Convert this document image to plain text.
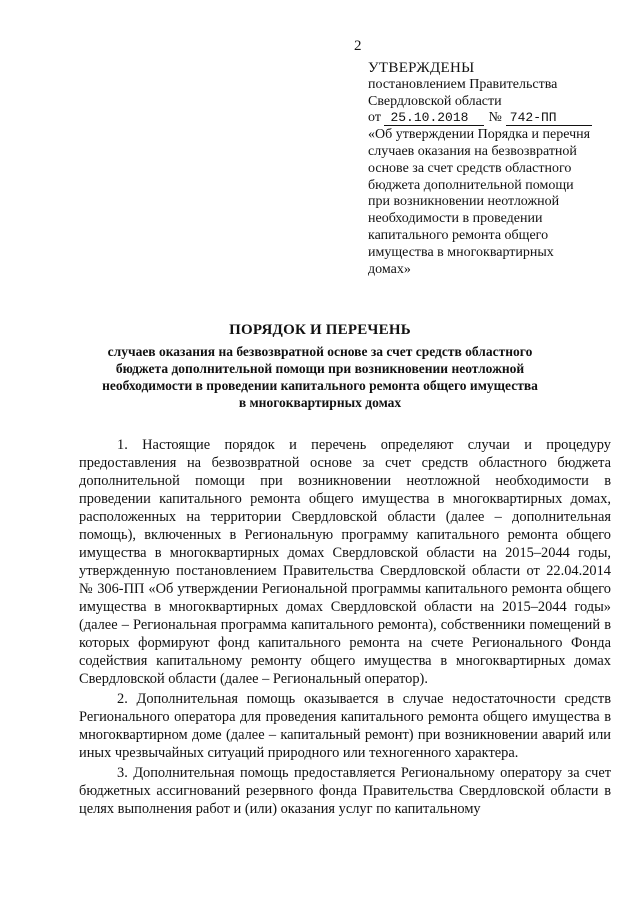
2
УТВЕРЖДЕНЫ
постановлением Правительства
Свердловской области
от 25.10.2018 № 742-ПП
«Об утверждении Порядка и перечня
случаев оказания на безвозвратной
основе за счет средств областного
бюджета дополнительной помощи
при возникновении неотложной
необходимости в проведении
капитального ремонта общего
имущества в многоквартирных
домах»
ПОРЯДОК И ПЕРЕЧЕНЬ
случаев оказания на безвозвратной основе за счет средств областного
бюджета дополнительной помощи при возникновении неотложной
необходимости в проведении капитального ремонта общего имущества
в многоквартирных домах

1. Настоящие порядок и перечень определяют случаи и процедуру предоставления на безвозвратной основе за счет средств областного бюджета дополнительной помощи при возникновении неотложной необходимости в проведении капитального ремонта общего имущества в многоквартирных домах, расположенных на территории Свердловской области (далее – дополнительная помощь), включенных в Региональную программу капитального ремонта общего имущества в многоквартирных домах Свердловской области на 2015–2044 годы, утвержденную постановлением Правительства Свердловской области от 22.04.2014 № 306-ПП «Об утверждении Региональной программы капитального ремонта общего имущества в многоквартирных домах Свердловской области на 2015–2044 годы» (далее – Региональная программа капитального ремонта), собственники помещений в которых формируют фонд капитального ремонта на счете Регионального Фонда содействия капитальному ремонту общего имущества в многоквартирных домах Свердловской области (далее – Региональный оператор).

2. Дополнительная помощь оказывается в случае недостаточности средств Регионального оператора для проведения капитального ремонта общего имущества в многоквартирном доме (далее – капитальный ремонт) при возникновении аварий или иных чрезвычайных ситуаций природного или техногенного характера.

3. Дополнительная помощь предоставляется Региональному оператору за счет бюджетных ассигнований резервного фонда Правительства Свердловской области в целях выполнения работ и (или) оказания услуг по капитальному
